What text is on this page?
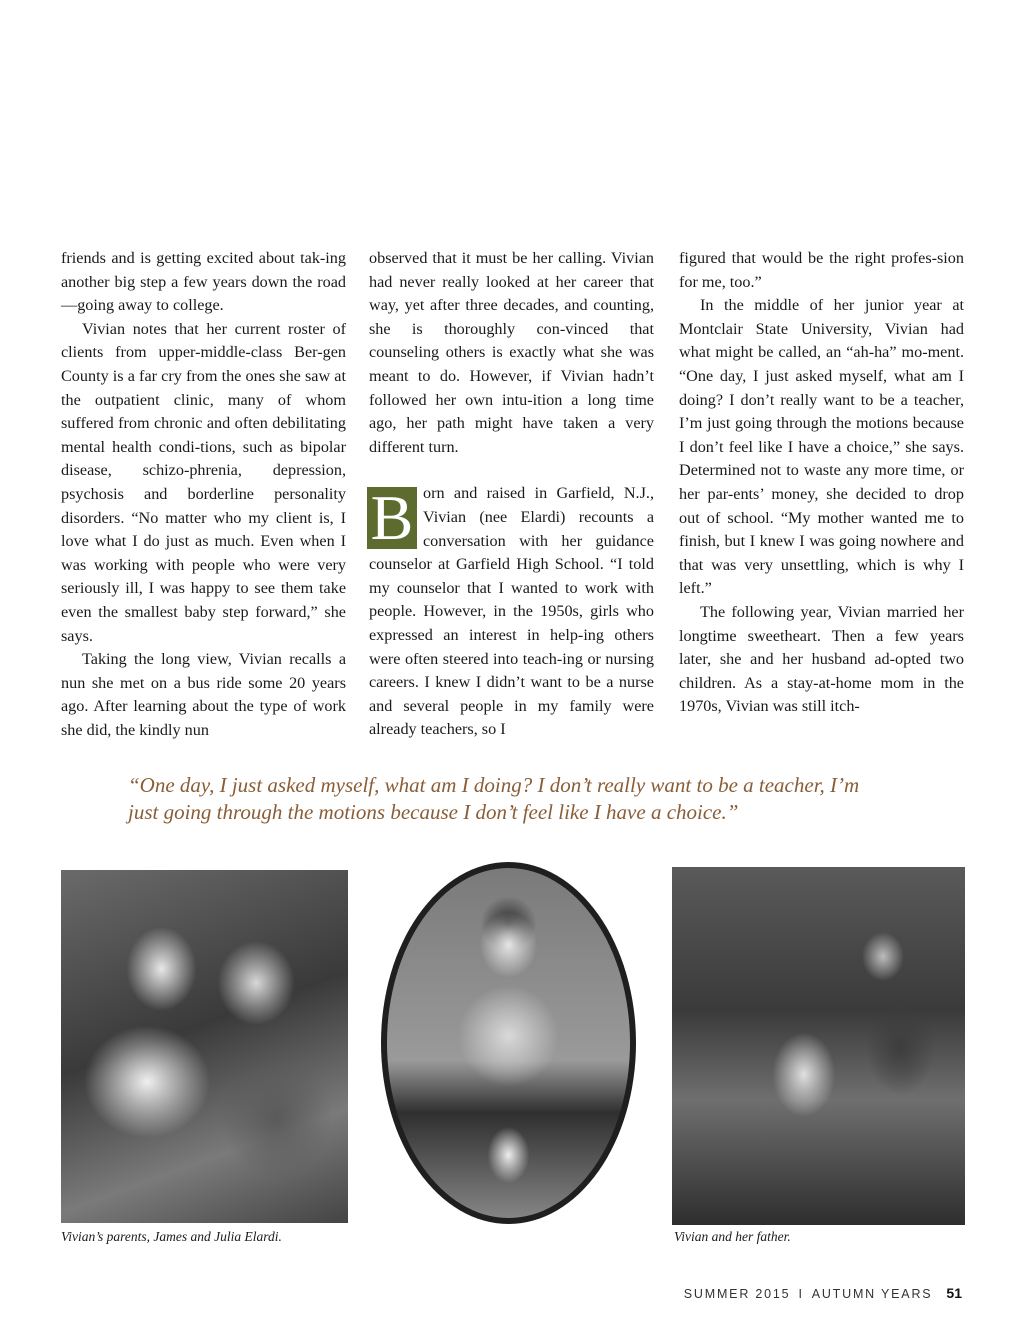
friends and is getting excited about tak-ing another big step a few years down the road—going away to college.

Vivian notes that her current roster of clients from upper-middle-class Ber-gen County is a far cry from the ones she saw at the outpatient clinic, many of whom suffered from chronic and often debilitating mental health condi-tions, such as bipolar disease, schizo-phrenia, depression, psychosis and borderline personality disorders. “No matter who my client is, I love what I do just as much. Even when I was working with people who were very seriously ill, I was happy to see them take even the smallest baby step forward,” she says.

Taking the long view, Vivian recalls a nun she met on a bus ride some 20 years ago. After learning about the type of work she did, the kindly nun

observed that it must be her calling. Vivian had never really looked at her career that way, yet after three decades, and counting, she is thoroughly con-vinced that counseling others is exactly what she was meant to do. However, if Vivian hadn’t followed her own intu-ition a long time ago, her path might have taken a very different turn.

B orn and raised in Garfield, N.J., Vivian (nee Elardi) recounts a conversation with her guidance counselor at Garfield High School. “I told my counselor that I wanted to work with people. However, in the 1950s, girls who expressed an interest in help-ing others were often steered into teach-ing or nursing careers. I knew I didn’t want to be a nurse and several people in my family were already teachers, so I

figured that would be the right profes-sion for me, too.”

In the middle of her junior year at Montclair State University, Vivian had what might be called, an “ah-ha” mo-ment. “One day, I just asked myself, what am I doing? I don’t really want to be a teacher, I’m just going through the motions because I don’t feel like I have a choice,” she says. Determined not to waste any more time, or her par-ents’ money, she decided to drop out of school. “My mother wanted me to finish, but I knew I was going nowhere and that was very unsettling, which is why I left.”

The following year, Vivian married her longtime sweetheart. Then a few years later, she and her husband ad-opted two children. As a stay-at-home mom in the 1970s, Vivian was still itch-

“One day, I just asked myself, what am I doing? I don’t really want to be a teacher, I’m
just going through the motions because I don’t feel like I have a choice.”

Vivian’s parents, James and Julia Elardi.	Vivian and her father.
SUMMER 2015 I AUTUMN YEARS 51
